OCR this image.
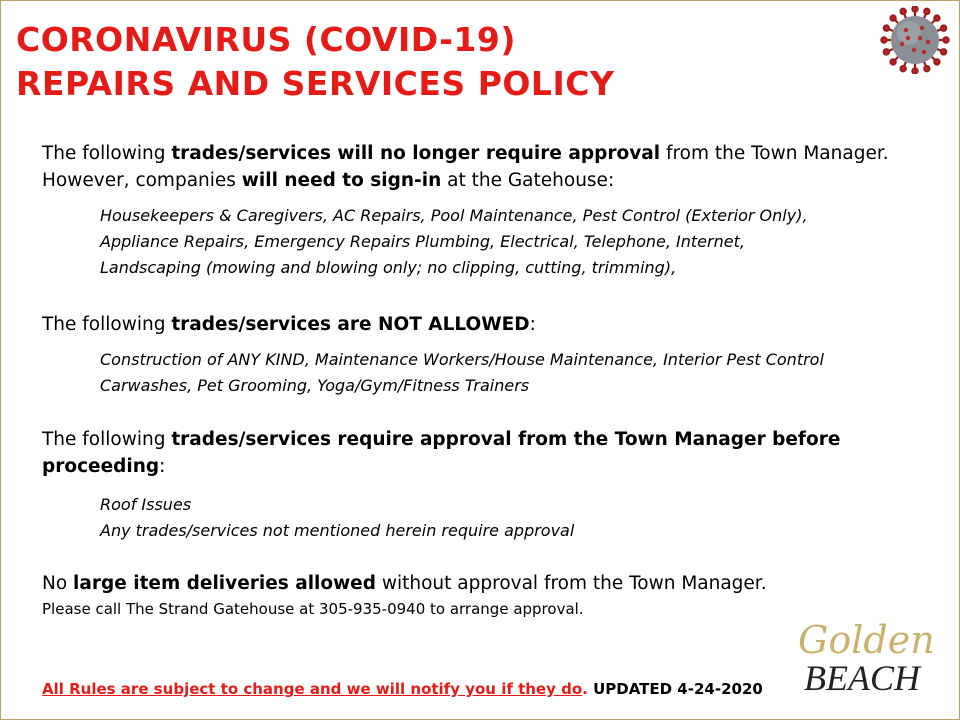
CORONAVIRUS (COVID-19)
REPAIRS AND SERVICES POLICY

The following trades/services will no longer require approval from the Town Manager.
However, companies will need to sign-in at the Gatehouse:

Housekeepers & Caregivers, AC Repairs, Pool Maintenance, Pest Control (Exterior Only),
Appliance Repairs, Emergency Repairs Plumbing, Electrical, Telephone, Internet,
Landscaping (mowing and blowing only; no clipping, cutting, trimming),

The following trades/services are NOT ALLOWED:

Construction of ANY KIND, Maintenance Workers/House Maintenance, Interior Pest Control
Carwashes, Pet Grooming, Yoga/Gym/Fitness Trainers

The following trades/services require approval from the Town Manager before
proceeding:

Roof Issues
Any trades/services not mentioned herein require approval

No large item deliveries allowed without approval from the Town Manager.

Please call The Strand Gatehouse at 305-935-0940 to arrange approval.

All Rules are subject to change and we will notify you if they do. UPDATED 4-24-2020

Golden
BEACH
